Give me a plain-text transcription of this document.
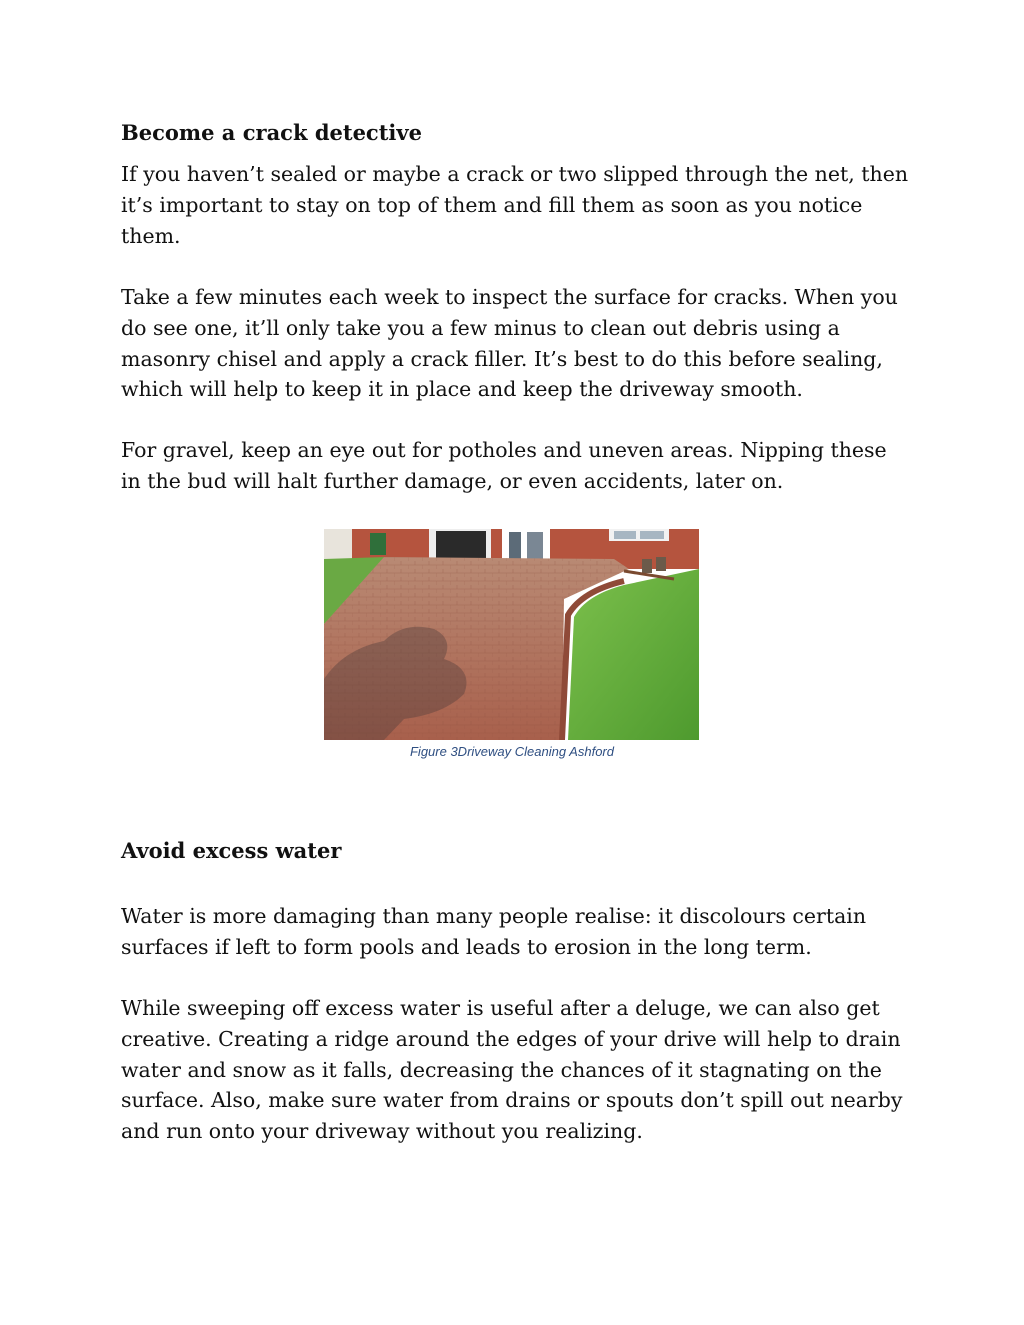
Become a crack detective

If you haven’t sealed or maybe a crack or two slipped through the net, then it’s important to stay on top of them and fill them as soon as you notice them.

Take a few minutes each week to inspect the surface for cracks. When you do see one, it’ll only take you a few minus to clean out debris using a masonry chisel and apply a crack filler. It’s best to do this before sealing, which will help to keep it in place and keep the driveway smooth.

For gravel, keep an eye out for potholes and uneven areas. Nipping these in the bud will halt further damage, or even accidents, later on.

Figure 3Driveway Cleaning Ashford
Avoid excess water

Water is more damaging than many people realise: it discolours certain surfaces if left to form pools and leads to erosion in the long term.

While sweeping off excess water is useful after a deluge, we can also get creative. Creating a ridge around the edges of your drive will help to drain water and snow as it falls, decreasing the chances of it stagnating on the surface. Also, make sure water from drains or spouts don’t spill out nearby and run onto your driveway without you realizing.
